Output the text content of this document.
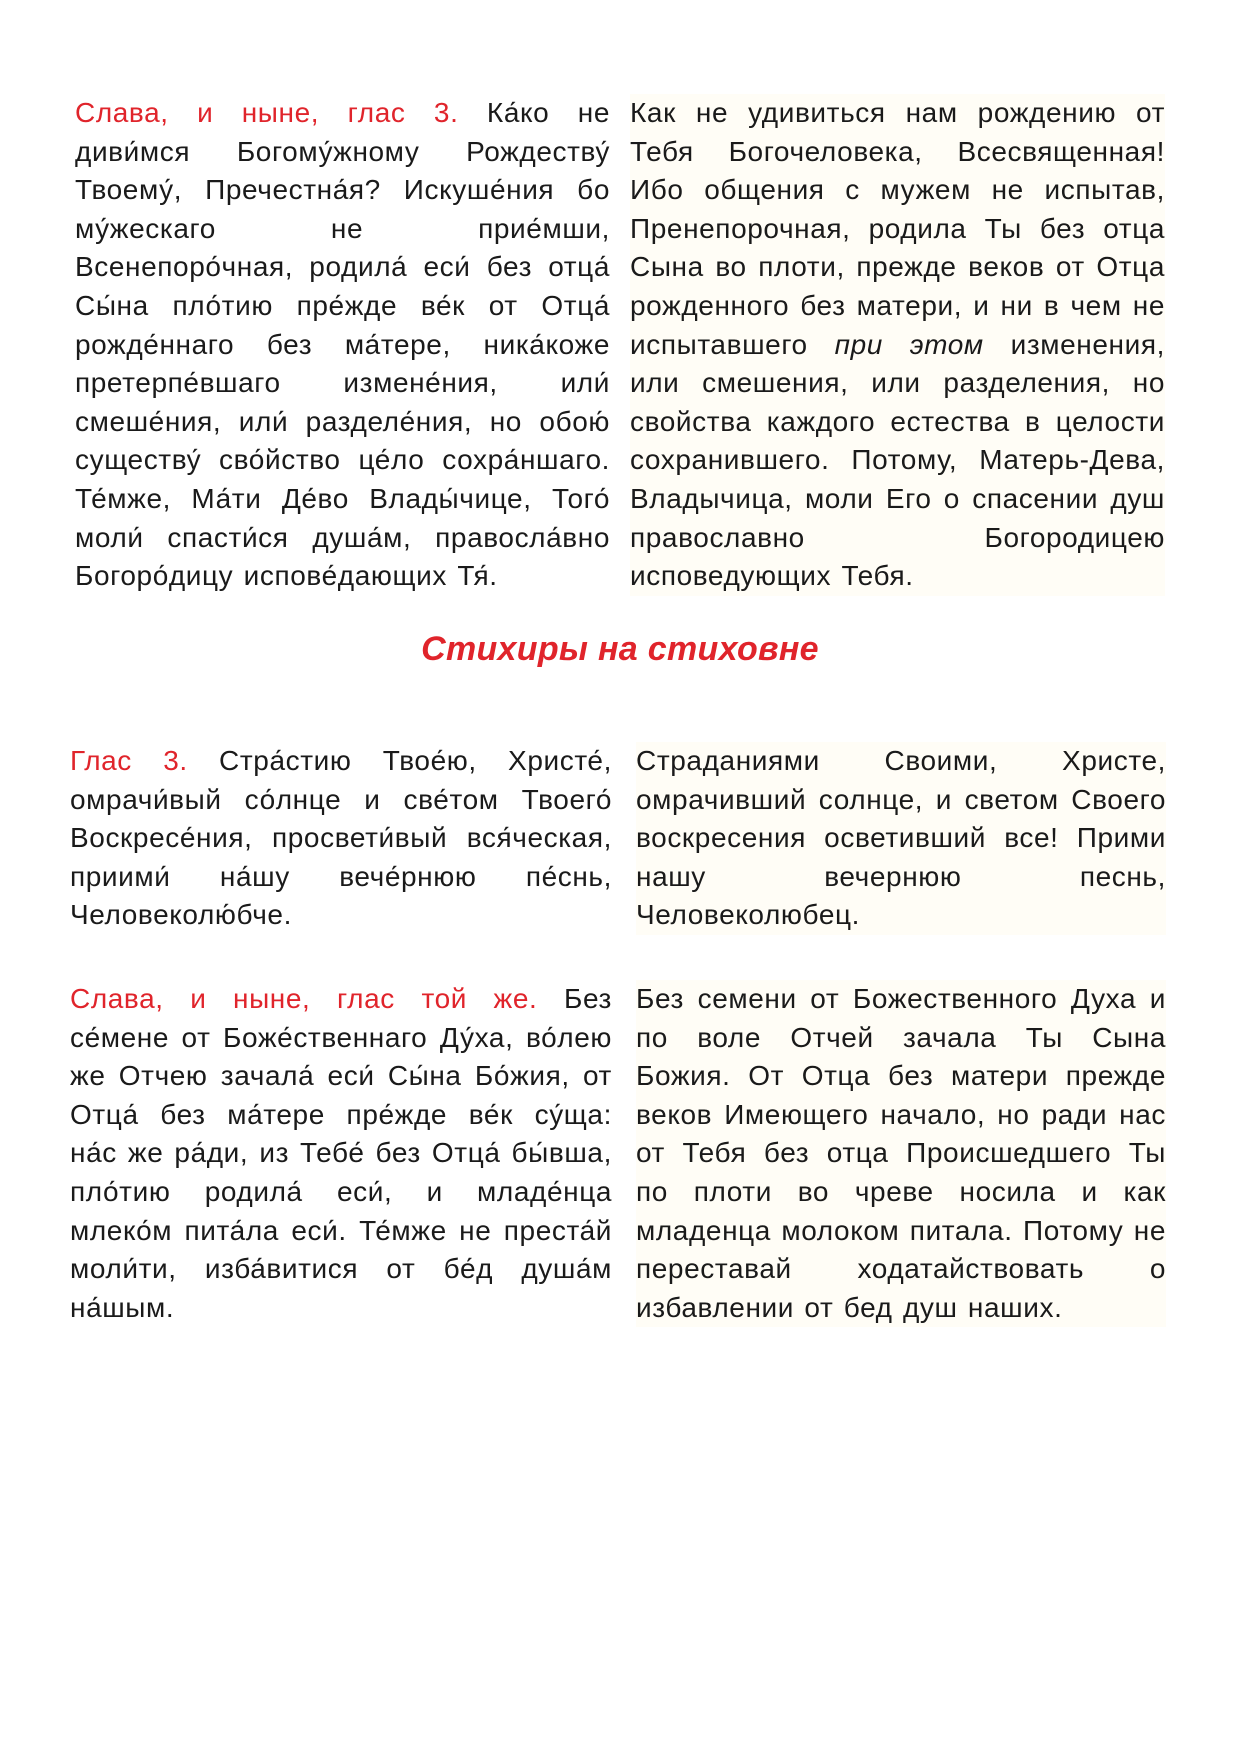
Слава, и ныне, глас 3. Ка́ко не диви́мся Богому́жному Рождеству́ Твоему́, Пречестна́я? Искуше́ния бо му́жескаго не прие́мши, Всенепоро́чная, родила́ еси́ без отца́ Сы́на пло́тию пре́жде ве́к от Отца́ рожде́ннаго без ма́тере, ника́коже претерпе́вшаго измене́ния, или́ смеше́ния, или́ разделе́ния, но обою́ существу́ сво́йство це́ло сохра́ншаго. Те́мже, Ма́ти Де́во Влады́чице, Того́ моли́ спасти́ся душа́м, правосла́вно Богоро́дицу испове́дающих Тя́.
Как не удивиться нам рождению от Тебя Богочеловека, Всесвященная! Ибо общения с мужем не испытав, Пренепорочная, родила Ты без отца Сына во плоти, прежде веков от Отца рожденного без матери, и ни в чем не испытавшего при этом изменения, или смешения, или разделения, но свойства каждого естества в целости сохранившего. Потому, Матерь-Дева, Владычица, моли Его о спасении душ православно Богородицею исповедующих Тебя.
Стихиры на стиховне
Глас 3. Стра́стию Твое́ю, Христе́, омрачи́вый со́лнце и све́том Твоего́ Воскресе́ния, просвети́вый вся́ческая, приими́ на́шу вече́рнюю пе́снь, Человеколю́бче.
Страданиями Своими, Христе, омрачивший солнце, и светом Своего воскресения осветивший все! Прими нашу вечернюю песнь, Человеколюбец.
Слава, и ныне, глас той же. Без се́мене от Боже́ственнаго Ду́ха, во́лею же Отчею зачала́ еси́ Сы́на Бо́жия, от Отца́ без ма́тере пре́жде ве́к су́ща: на́с же ра́ди, из Тебе́ без Отца́ бы́вша, пло́тию родила́ еси́, и младе́нца млеко́м пита́ла еси́. Те́мже не преста́й моли́ти, изба́витися от бе́д душа́м на́шым.
Без семени от Божественного Духа и по воле Отчей зачала Ты Сына Божия. От Отца без матери прежде веков Имеющего начало, но ради нас от Тебя без отца Происшедшего Ты по плоти во чреве носила и как младенца молоком питала. Потому не переставай ходатайствовать о избавлении от бед душ наших.
